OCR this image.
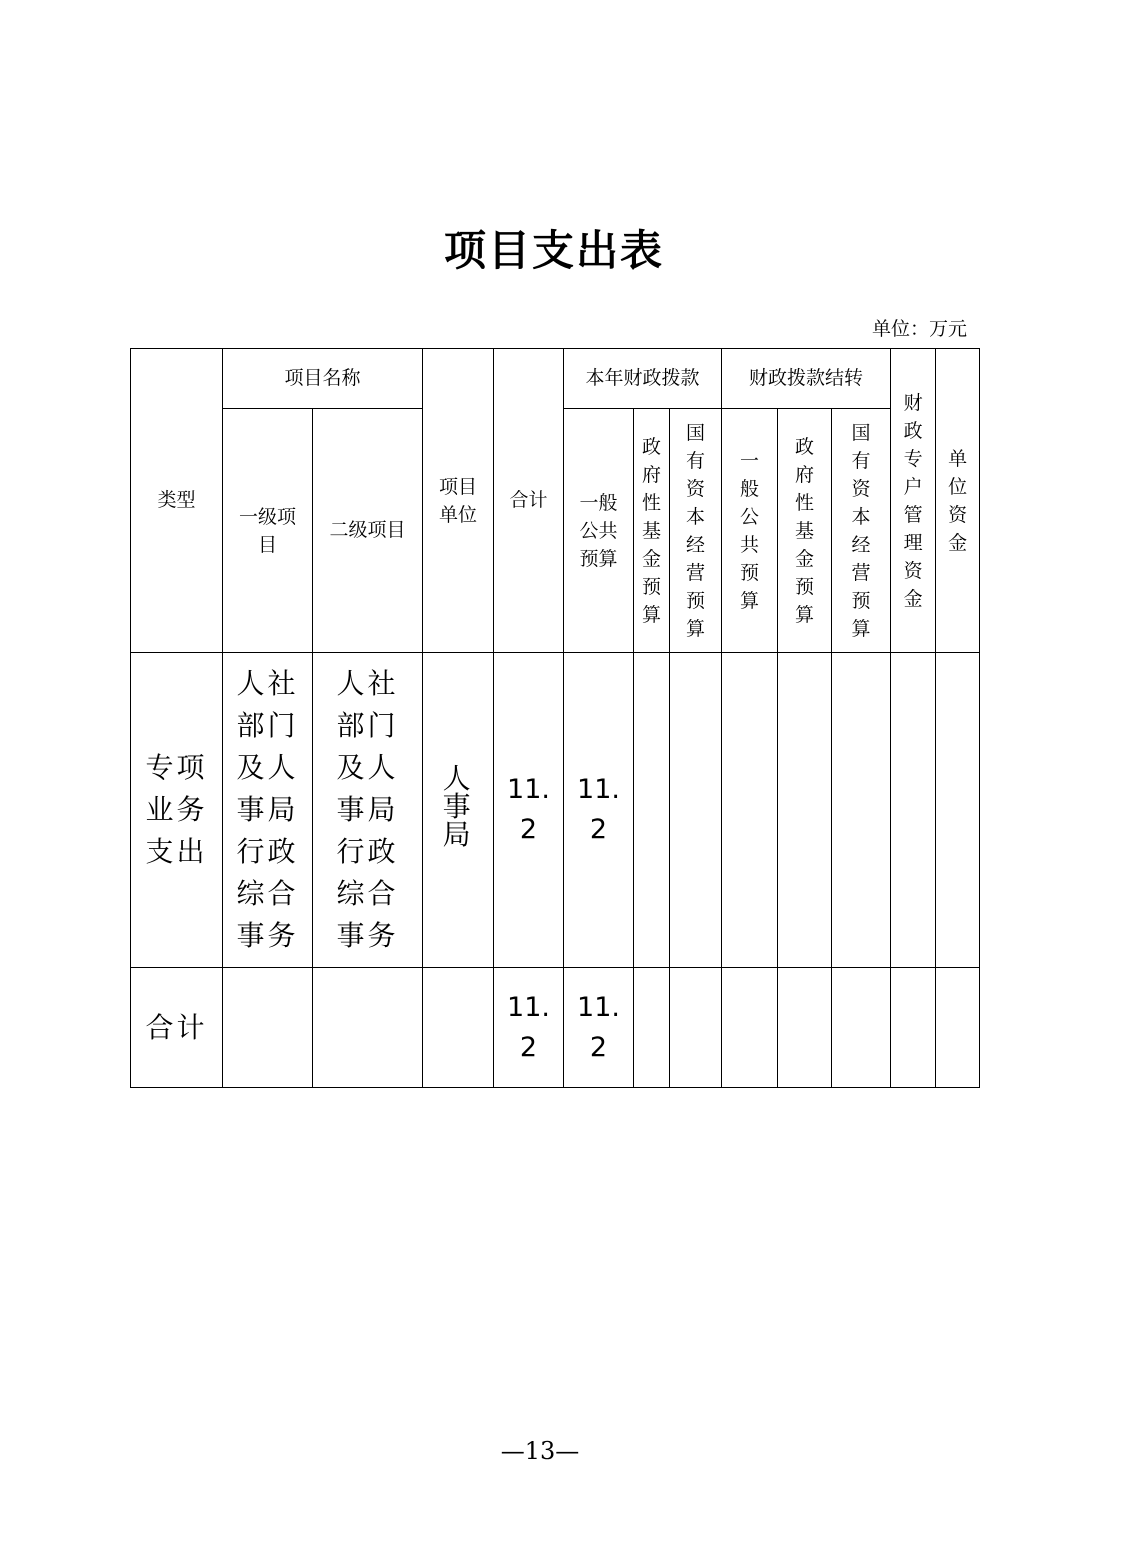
项目支出表
单位：万元
类型	项目名称		项目单位	合计	本年财政拨款			财政拨款结转			财政专户管理资金	单位资金
	一级项目	二级项目			一般公共预算	政府性基金预算	国有资本经营预算	一般公共预算	政府性基金预算	国有资本经营预算		
专项业务支出	人社部门及人事局行政综合事务	人社部门及人事局行政综合事务	人事局	11.2	11.2							
合计				11.2	11.2							
—13—
